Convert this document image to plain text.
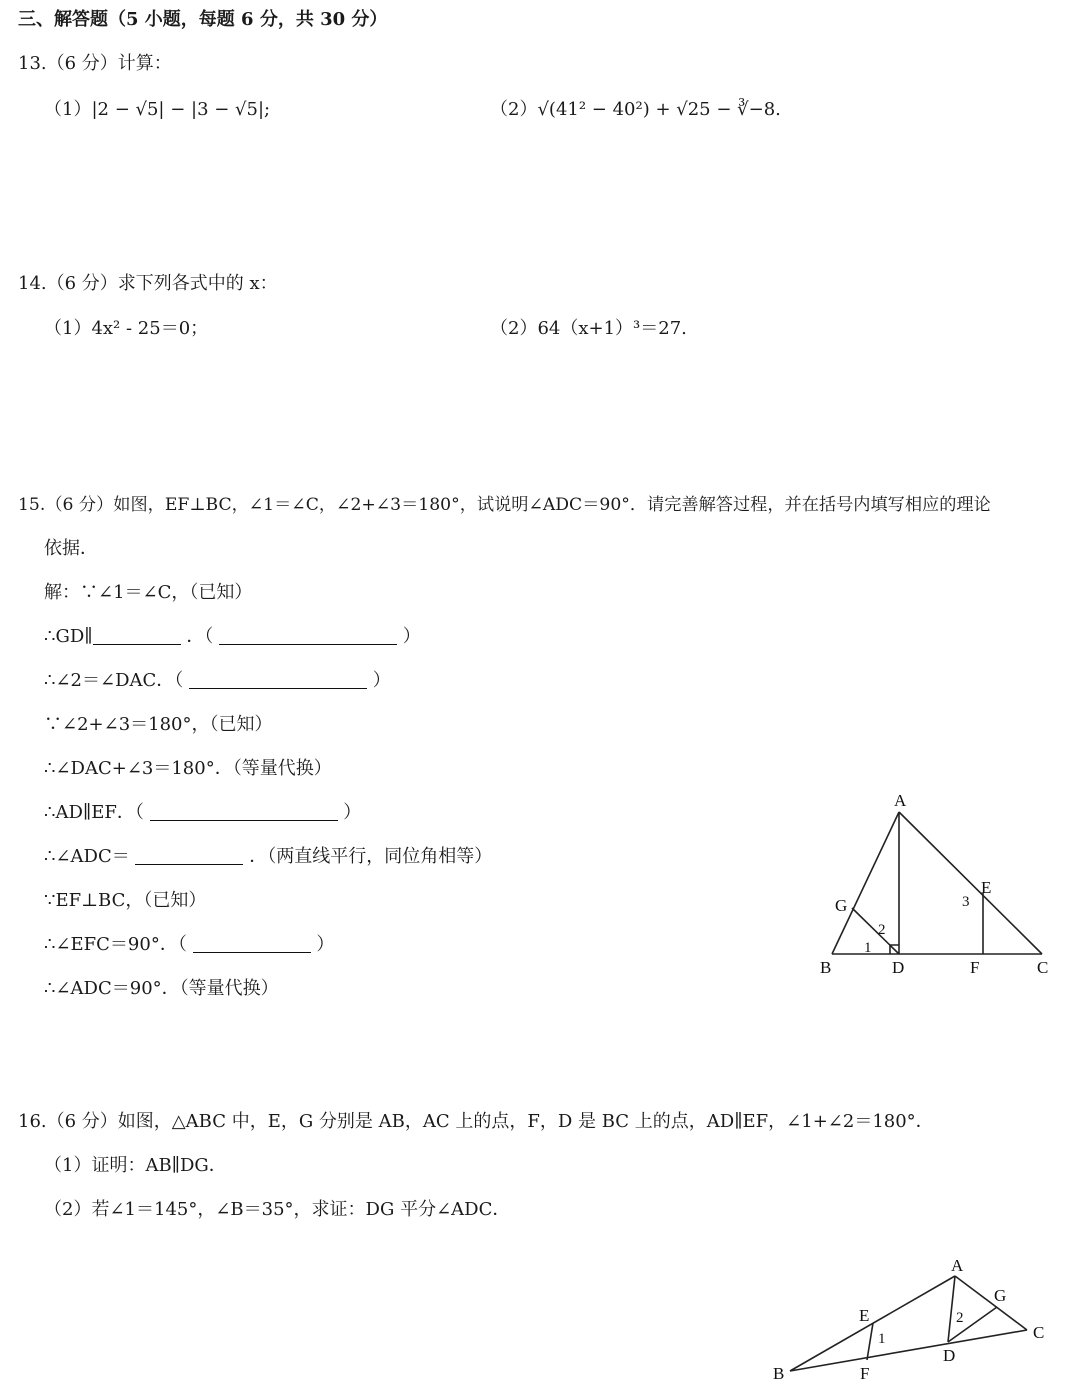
三、解答题（5 小题，每题 6 分，共 30 分）
13.（6 分）计算：
（1）|2 − √5| − |3 − √5|;	（2）√(41² − 40²) + √25 − ∛−8.
14.（6 分）求下列各式中的 x：
（1）4x² - 25＝0；	（2）64（x+1）³＝27.
15.（6 分）如图，EF⊥BC，∠1＝∠C，∠2+∠3＝180°，试说明∠ADC＝90°．请完善解答过程，并在括号内填写相应的理论
依据．
解：∵∠1＝∠C，（已知）
∴GD∥	．（	）
∴∠2＝∠DAC．（	）
∵∠2+∠3＝180°，（已知）
∴∠DAC+∠3＝180°．（等量代换）
∴AD∥EF．（	）
∴∠ADC＝	．（两直线平行，同位角相等）
∵EF⊥BC，（已知）
∴∠EFC＝90°．（	）
∴∠ADC＝90°．（等量代换）
A
B	C
D
E
F
G
1
2
3
16.（6 分）如图，△ABC 中，E，G 分别是 AB，AC 上的点，F，D 是 BC 上的点，AD∥EF，∠1+∠2＝180°．
（1）证明：AB∥DG．
（2）若∠1＝145°，∠B＝35°，求证：DG 平分∠ADC．
A
B
C
D
E
F
G
1
2
